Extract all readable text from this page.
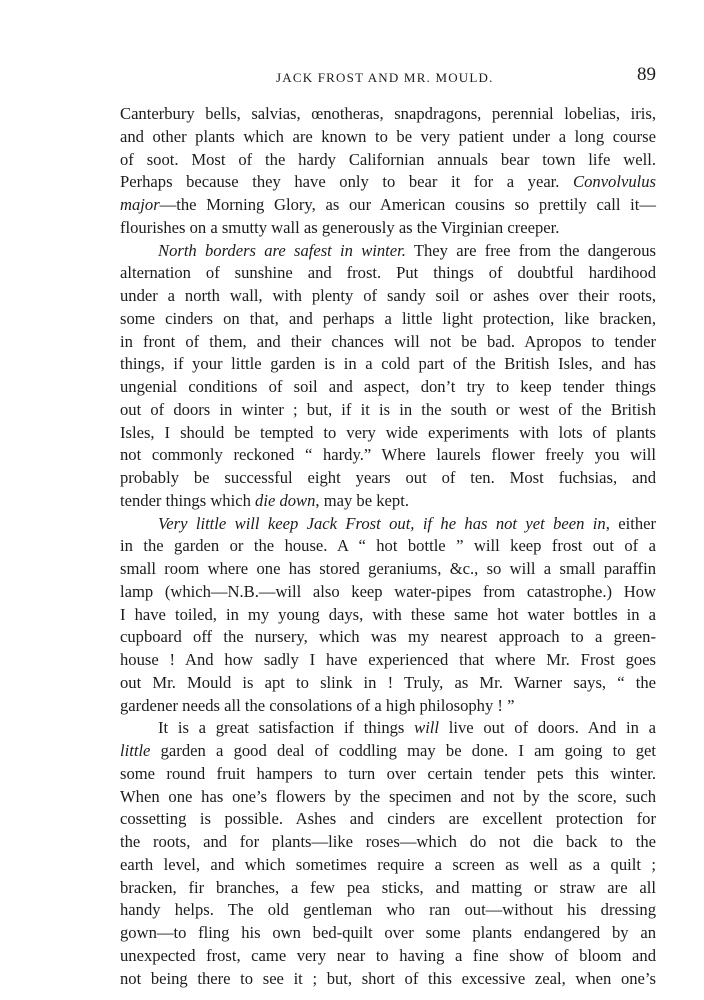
JACK FROST AND MR. MOULD.	89
Canterbury bells, salvias, œnotheras, snapdragons, perennial lobelias, iris,
and other plants which are known to be very patient under a long course
of soot. Most of the hardy Californian annuals bear town life well.
Perhaps because they have only to bear it for a year. Convolvulus
major—the Morning Glory, as our American cousins so prettily call it—
flourishes on a smutty wall as generously as the Virginian creeper.
North borders are safest in winter. They are free from the dangerous
alternation of sunshine and frost. Put things of doubtful hardihood
under a north wall, with plenty of sandy soil or ashes over their roots,
some cinders on that, and perhaps a little light protection, like bracken,
in front of them, and their chances will not be bad. Apropos to tender
things, if your little garden is in a cold part of the British Isles, and has
ungenial conditions of soil and aspect, don’t try to keep tender things
out of doors in winter ; but, if it is in the south or west of the British
Isles, I should be tempted to very wide experiments with lots of plants
not commonly reckoned “ hardy.” Where laurels flower freely you will
probably be successful eight years out of ten. Most fuchsias, and
tender things which die down, may be kept.
Very little will keep Jack Frost out, if he has not yet been in, either
in the garden or the house. A “ hot bottle ” will keep frost out of a
small room where one has stored geraniums, &c., so will a small paraffin
lamp (which—N.B.—will also keep water-pipes from catastrophe.) How
I have toiled, in my young days, with these same hot water bottles in a
cupboard off the nursery, which was my nearest approach to a green-
house ! And how sadly I have experienced that where Mr. Frost goes
out Mr. Mould is apt to slink in ! Truly, as Mr. Warner says, “ the
gardener needs all the consolations of a high philosophy ! ”
It is a great satisfaction if things will live out of doors. And in a
little garden a good deal of coddling may be done. I am going to get
some round fruit hampers to turn over certain tender pets this winter.
When one has one’s flowers by the specimen and not by the score, such
cossetting is possible. Ashes and cinders are excellent protection for
the roots, and for plants—like roses—which do not die back to the
earth level, and which sometimes require a screen as well as a quilt ;
bracken, fir branches, a few pea sticks, and matting or straw are all
handy helps. The old gentleman who ran out—without his dressing
gown—to fling his own bed-quilt over some plants endangered by an
unexpected frost, came very near to having a fine show of bloom and
not being there to see it ; but, short of this excessive zeal, when one’s
